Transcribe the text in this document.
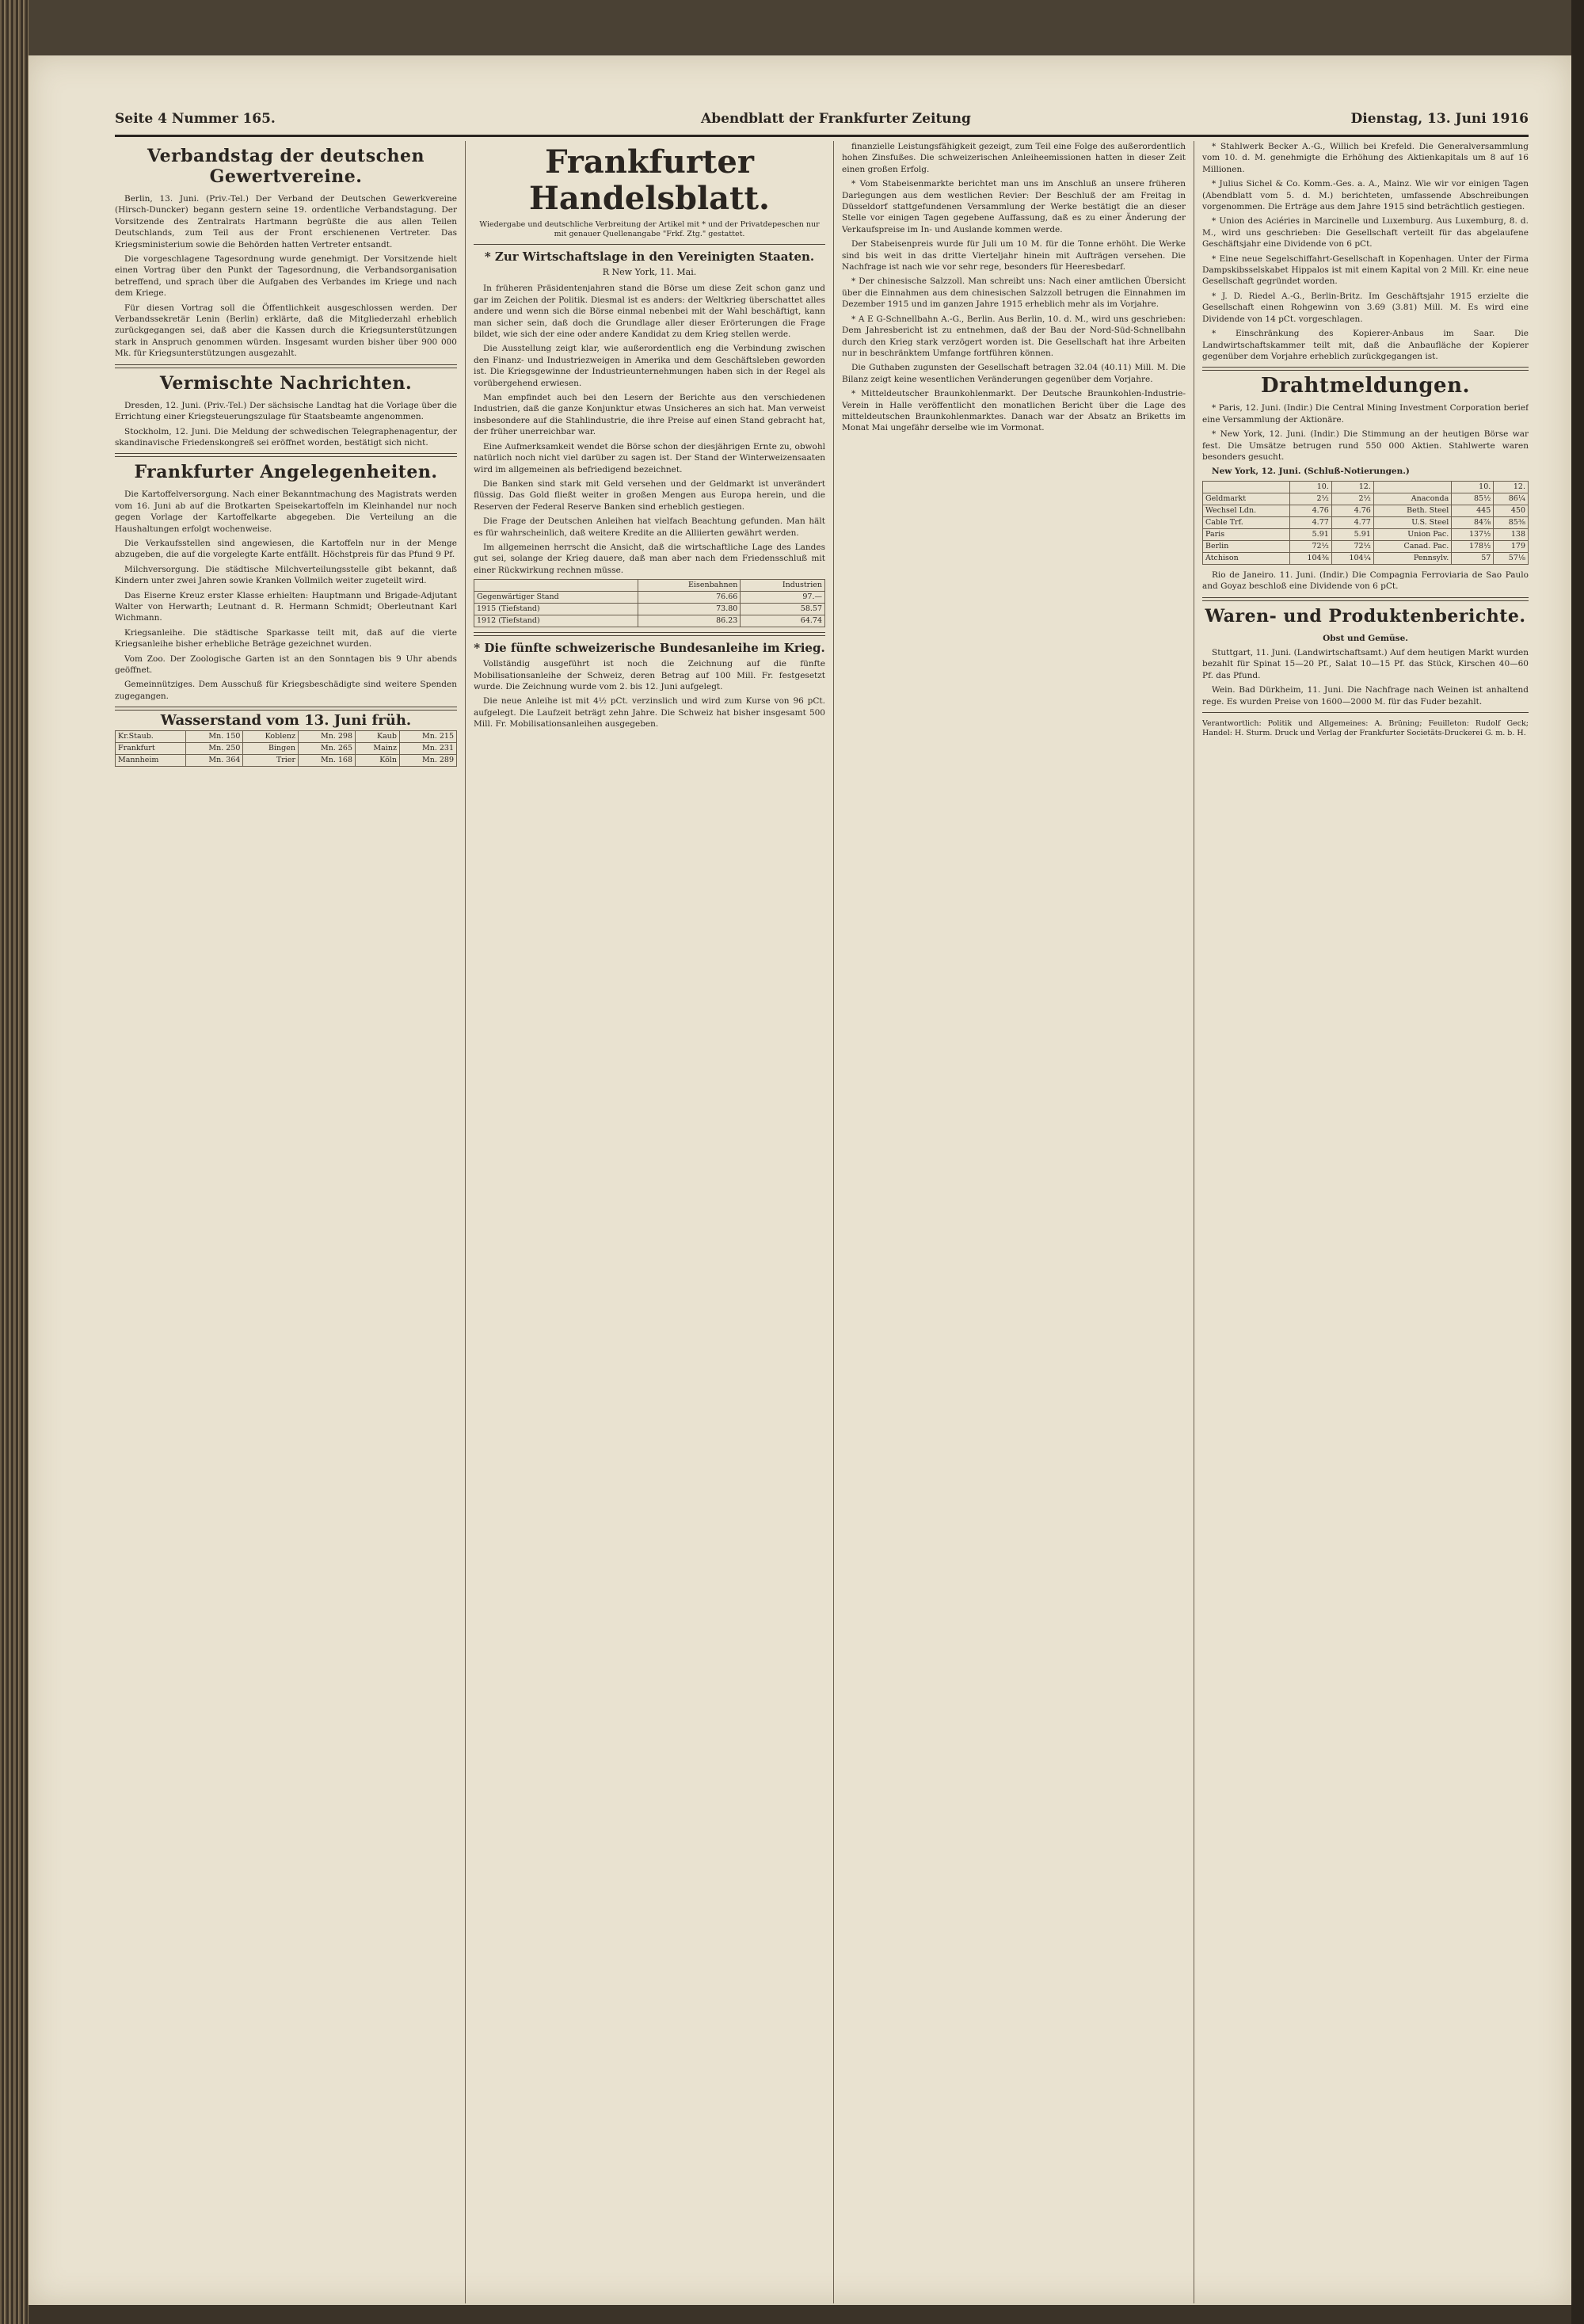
Seite 4 Nummer 165.	Abendblatt der Frankfurter Zeitung	Dienstag, 13. Juni 1916
Verbandstag der deutschen Gewertvereine.

Berlin, 13. Juni. (Priv.-Tel.) Der Verband der Deutschen Gewerkvereine (Hirsch-Duncker) begann gestern seine 19. ordentliche Verbandstagung. Der Vorsitzende des Zentralrats Hartmann begrüßte die aus allen Teilen Deutschlands, zum Teil aus der Front erschienenen Vertreter. Das Kriegsministerium sowie die Behörden hatten Vertreter entsandt.

Die vorgeschlagene Tagesordnung wurde genehmigt. Der Vorsitzende hielt einen Vortrag über den Punkt der Tagesordnung, die Verbandsorganisation betreffend, und sprach über die Aufgaben des Verbandes im Kriege und nach dem Kriege.

Für diesen Vortrag soll die Öffentlichkeit ausgeschlossen werden. Der Verbandssekretär Lenin (Berlin) erklärte, daß die Mitgliederzahl erheblich zurückgegangen sei, daß aber die Kassen durch die Kriegsunterstützungen stark in Anspruch genommen würden. Insgesamt wurden bisher über 900 000 Mk. für Kriegsunterstützungen ausgezahlt.

Vermischte Nachrichten.

Dresden, 12. Juni. (Priv.-Tel.) Der sächsische Landtag hat die Vorlage über die Errichtung einer Kriegsteuerungszulage für Staatsbeamte angenommen.

Stockholm, 12. Juni. Die Meldung der schwedischen Telegraphenagentur, der skandinavische Friedenskongreß sei eröffnet worden, bestätigt sich nicht.

Frankfurter Angelegenheiten.

Die Kartoffelversorgung. Nach einer Bekanntmachung des Magistrats werden vom 16. Juni ab auf die Brotkarten Speisekartoffeln im Kleinhandel nur noch gegen Vorlage der Kartoffelkarte abgegeben. Die Verteilung an die Haushaltungen erfolgt wochenweise.

Die Verkaufsstellen sind angewiesen, die Kartoffeln nur in der Menge abzugeben, die auf die vorgelegte Karte entfällt. Höchstpreis für das Pfund 9 Pf.

Milchversorgung. Die städtische Milchverteilungsstelle gibt bekannt, daß Kindern unter zwei Jahren sowie Kranken Vollmilch weiter zugeteilt wird.

Das Eiserne Kreuz erster Klasse erhielten: Hauptmann und Brigade-Adjutant Walter von Herwarth; Leutnant d. R. Hermann Schmidt; Oberleutnant Karl Wichmann.

Kriegsanleihe. Die städtische Sparkasse teilt mit, daß auf die vierte Kriegsanleihe bisher erhebliche Beträge gezeichnet wurden.

Vom Zoo. Der Zoologische Garten ist an den Sonntagen bis 9 Uhr abends geöffnet.

Gemeinnütziges. Dem Ausschuß für Kriegsbeschädigte sind weitere Spenden zugegangen.

Wasserstand vom 13. Juni früh.
Kr.Staub.	Mn. 150	Koblenz	Mn. 298	Kaub	Mn. 215
Frankfurt	Mn. 250	Bingen	Mn. 265	Mainz	Mn. 231
Mannheim	Mn. 364	Trier	Mn. 168	Köln	Mn. 289
Frankfurter Handelsblatt.
Wiedergabe und deutschliche Verbreitung der Artikel mit * und der Privatdepeschen nur mit genauer Quellenangabe "Frkf. Ztg." gestattet.
* Zur Wirtschaftslage in den Vereinigten Staaten.
R New York, 11. Mai.

In früheren Präsidentenjahren stand die Börse um diese Zeit schon ganz und gar im Zeichen der Politik. Diesmal ist es anders: der Weltkrieg überschattet alles andere und wenn sich die Börse einmal nebenbei mit der Wahl beschäftigt, kann man sicher sein, daß doch die Grundlage aller dieser Erörterungen die Frage bildet, wie sich der eine oder andere Kandidat zu dem Krieg stellen werde.

Die Ausstellung zeigt klar, wie außerordentlich eng die Verbindung zwischen den Finanz- und Industriezweigen in Amerika und dem Geschäftsleben geworden ist. Die Kriegsgewinne der Industrieunternehmungen haben sich in der Regel als vorübergehend erwiesen.

Man empfindet auch bei den Lesern der Berichte aus den verschiedenen Industrien, daß die ganze Konjunktur etwas Unsicheres an sich hat. Man verweist insbesondere auf die Stahlindustrie, die ihre Preise auf einen Stand gebracht hat, der früher unerreichbar war.

Eine Aufmerksamkeit wendet die Börse schon der diesjährigen Ernte zu, obwohl natürlich noch nicht viel darüber zu sagen ist. Der Stand der Winterweizensaaten wird im allgemeinen als befriedigend bezeichnet.

Die Banken sind stark mit Geld versehen und der Geldmarkt ist unverändert flüssig. Das Gold fließt weiter in großen Mengen aus Europa herein, und die Reserven der Federal Reserve Banken sind erheblich gestiegen.

Die Frage der Deutschen Anleihen hat vielfach Beachtung gefunden. Man hält es für wahrscheinlich, daß weitere Kredite an die Alliierten gewährt werden.

Im allgemeinen herrscht die Ansicht, daß die wirtschaftliche Lage des Landes gut sei, solange der Krieg dauere, daß man aber nach dem Friedensschluß mit einer Rückwirkung rechnen müsse.

	Eisenbahnen	Industrien
Gegenwärtiger Stand	76.66	97.—
1915 (Tiefstand)	73.80	58.57
1912 (Tiefstand)	86.23	64.74
* Die fünfte schweizerische Bundesanleihe im Krieg.

Vollständig ausgeführt ist noch die Zeichnung auf die fünfte Mobilisationsanleihe der Schweiz, deren Betrag auf 100 Mill. Fr. festgesetzt wurde. Die Zeichnung wurde vom 2. bis 12. Juni aufgelegt.

Die neue Anleihe ist mit 4½ pCt. verzinslich und wird zum Kurse von 96 pCt. aufgelegt. Die Laufzeit beträgt zehn Jahre. Die Schweiz hat bisher insgesamt 500 Mill. Fr. Mobilisationsanleihen ausgegeben.

finanzielle Leistungsfähigkeit gezeigt, zum Teil eine Folge des außerordentlich hohen Zinsfußes. Die schweizerischen Anleiheemissionen hatten in dieser Zeit einen großen Erfolg.

* Vom Stabeisenmarkte berichtet man uns im Anschluß an unsere früheren Darlegungen aus dem westlichen Revier: Der Beschluß der am Freitag in Düsseldorf stattgefundenen Versammlung der Werke bestätigt die an dieser Stelle vor einigen Tagen gegebene Auffassung, daß es zu einer Änderung der Verkaufspreise im In- und Auslande kommen werde.

Der Stabeisenpreis wurde für Juli um 10 M. für die Tonne erhöht. Die Werke sind bis weit in das dritte Vierteljahr hinein mit Aufträgen versehen. Die Nachfrage ist nach wie vor sehr rege, besonders für Heeresbedarf.

* Der chinesische Salzzoll. Man schreibt uns: Nach einer amtlichen Übersicht über die Einnahmen aus dem chinesischen Salzzoll betrugen die Einnahmen im Dezember 1915 und im ganzen Jahre 1915 erheblich mehr als im Vorjahre.

* A E G-Schnellbahn A.-G., Berlin. Aus Berlin, 10. d. M., wird uns geschrieben: Dem Jahresbericht ist zu entnehmen, daß der Bau der Nord-Süd-Schnellbahn durch den Krieg stark verzögert worden ist. Die Gesellschaft hat ihre Arbeiten nur in beschränktem Umfange fortführen können.

Die Guthaben zugunsten der Gesellschaft betragen 32.04 (40.11) Mill. M. Die Bilanz zeigt keine wesentlichen Veränderungen gegenüber dem Vorjahre.

* Mitteldeutscher Braunkohlenmarkt. Der Deutsche Braunkohlen-Industrie-Verein in Halle veröffentlicht den monatlichen Bericht über die Lage des mitteldeutschen Braunkohlenmarktes. Danach war der Absatz an Briketts im Monat Mai ungefähr derselbe wie im Vormonat.

* Stahlwerk Becker A.-G., Willich bei Krefeld. Die Generalversammlung vom 10. d. M. genehmigte die Erhöhung des Aktienkapitals um 8 auf 16 Millionen.

* Julius Sichel & Co. Komm.-Ges. a. A., Mainz. Wie wir vor einigen Tagen (Abendblatt vom 5. d. M.) berichteten, umfassende Abschreibungen vorgenommen. Die Erträge aus dem Jahre 1915 sind beträchtlich gestiegen.

* Union des Aciéries in Marcinelle und Luxemburg. Aus Luxemburg, 8. d. M., wird uns geschrieben: Die Gesellschaft verteilt für das abgelaufene Geschäftsjahr eine Dividende von 6 pCt.

* Eine neue Segelschiffahrt-Gesellschaft in Kopenhagen. Unter der Firma Dampskibsselskabet Hippalos ist mit einem Kapital von 2 Mill. Kr. eine neue Gesellschaft gegründet worden.

* J. D. Riedel A.-G., Berlin-Britz. Im Geschäftsjahr 1915 erzielte die Gesellschaft einen Rohgewinn von 3.69 (3.81) Mill. M. Es wird eine Dividende von 14 pCt. vorgeschlagen.

* Einschränkung des Kopierer-Anbaus im Saar. Die Landwirtschaftskammer teilt mit, daß die Anbaufläche der Kopierer gegenüber dem Vorjahre erheblich zurückgegangen ist.

Drahtmeldungen.

* Paris, 12. Juni. (Indir.) Die Central Mining Investment Corporation berief eine Versammlung der Aktionäre.

* New York, 12. Juni. (Indir.) Die Stimmung an der heutigen Börse war fest. Die Umsätze betrugen rund 550 000 Aktien. Stahlwerte waren besonders gesucht.

New York, 12. Juni. (Schluß-Notierungen.)

	10.	12.		10.	12.
Geldmarkt	2½	2½	Anaconda	85½	86¼
Wechsel Ldn.	4.76	4.76	Beth. Steel	445	450
Cable Trf.	4.77	4.77	U.S. Steel	84⅞	85⅜
Paris	5.91	5.91	Union Pac.	137½	138
Berlin	72½	72½	Canad. Pac.	178½	179
Atchison	104⅜	104¼	Pennsylv.	57	57⅛

Rio de Janeiro. 11. Juni. (Indir.) Die Compagnia Ferroviaria de Sao Paulo and Goyaz beschloß eine Dividende von 6 pCt.

Waren- und Produktenberichte.
Obst und Gemüse.

Stuttgart, 11. Juni. (Landwirtschaftsamt.) Auf dem heutigen Markt wurden bezahlt für Spinat 15—20 Pf., Salat 10—15 Pf. das Stück, Kirschen 40—60 Pf. das Pfund.

Wein. Bad Dürkheim, 11. Juni. Die Nachfrage nach Weinen ist anhaltend rege. Es wurden Preise von 1600—2000 M. für das Fuder bezahlt.

Verantwortlich: Politik und Allgemeines: A. Brüning; Feuilleton: Rudolf Geck; Handel: H. Sturm. Druck und Verlag der Frankfurter Societäts-Druckerei G. m. b. H.
